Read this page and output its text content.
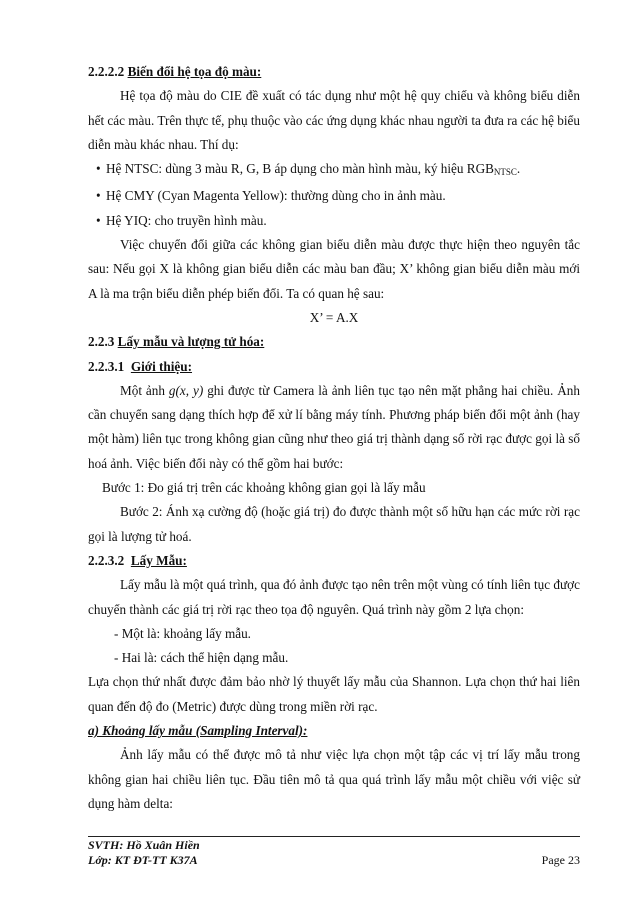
2.2.2.2 Biến đổi hệ tọa độ màu:

Hệ tọa độ màu do CIE đề xuất có tác dụng như một hệ quy chiếu và không biểu diễn hết các màu. Trên thực tế, phụ thuộc vào các ứng dụng khác nhau người ta đưa ra các hệ biểu diễn màu khác nhau. Thí dụ:

• Hệ NTSC: dùng 3 màu R, G, B áp dụng cho màn hình màu, ký hiệu $RGB_{NTSC}$.

• Hệ CMY (Cyan Magenta Yellow): thường dùng cho in ảnh màu.

• Hệ YIQ: cho truyền hình màu.

Việc chuyển đổi giữa các không gian biểu diễn màu được thực hiện theo nguyên tắc sau: Nếu gọi X là không gian biểu diễn các màu ban đầu; X’ không gian biểu diễn màu mới A là ma trận biểu diễn phép biến đổi. Ta có quan hệ sau:

X’ = A.X

2.2.3 Lấy mẫu và lượng tử hóa:

2.2.3.1 Giới thiệu:

Một ảnh g(x, y) ghi được từ Camera là ảnh liên tục tạo nên mặt phẳng hai chiều. Ảnh cần chuyển sang dạng thích hợp để xử lí bằng máy tính. Phương pháp biến đổi một ảnh (hay một hàm) liên tục trong không gian cũng như theo giá trị thành dạng số rời rạc được gọi là số hoá ảnh. Việc biến đổi này có thể gồm hai bước:

Bước 1: Đo giá trị trên các khoảng không gian gọi là lấy mẫu

Bước 2: Ánh xạ cường độ (hoặc giá trị) đo được thành một số hữu hạn các mức rời rạc gọi là lượng tử hoá.

2.2.3.2 Lấy Mẫu:

Lấy mẫu là một quá trình, qua đó ảnh được tạo nên trên một vùng có tính liên tục được chuyển thành các giá trị rời rạc theo tọa độ nguyên. Quá trình này gồm 2 lựa chọn:

- Một là: khoảng lấy mẫu.

- Hai là: cách thể hiện dạng mẫu.

Lựa chọn thứ nhất được đảm bảo nhờ lý thuyết lấy mẫu của Shannon. Lựa chọn thứ hai liên quan đến độ đo (Metric) được dùng trong miền rời rạc.

a) Khoảng lấy mẫu (Sampling Interval):

Ảnh lấy mẫu có thể được mô tả như việc lựa chọn một tập các vị trí lấy mẫu trong không gian hai chiều liên tục. Đầu tiên mô tả qua quá trình lấy mẫu một chiều với việc sử dụng hàm delta:

SVTH: Hồ Xuân Hiền
Lớp: KT ĐT-TT K37A	Page 23
